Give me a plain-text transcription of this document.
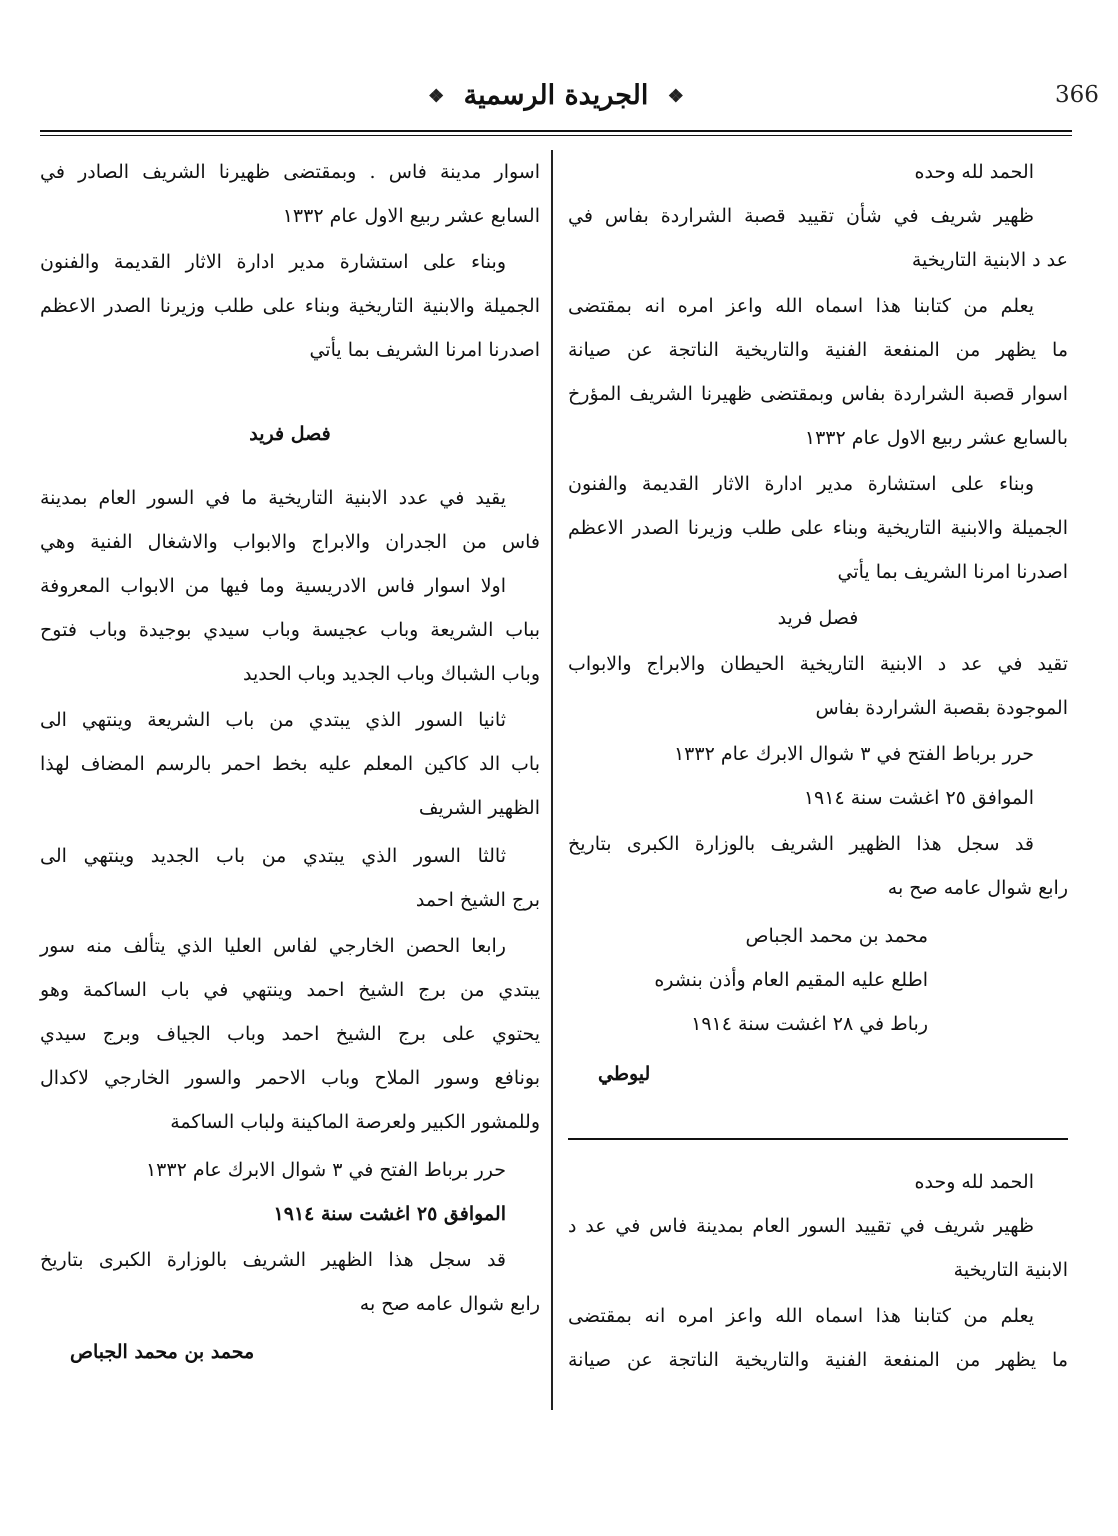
❖ الجريدة الرسمية ❖	366
الحمد لله وحده
ظهير شريف في شأن تقييد قصبة الشراردة بفاس في
عد د الابنية التاريخية
يعلم من كتابنا هذا اسماه الله واعز امره انه بمقتضى
ما يظهر من المنفعة الفنية والتاريخية الناتجة عن صيانة
اسوار قصبة الشراردة بفاس وبمقتضى ظهيرنا الشريف المؤرخ
بالسابع عشر ربيع الاول عام ١٣٣٢
وبناء على استشارة مدير ادارة الاثار القديمة والفنون
الجميلة والابنية التاريخية وبناء على طلب وزيرنا الصدر الاعظم
اصدرنا امرنا الشريف بما يأتي
فصل فريد
تقيد في عد د الابنية التاريخية الحيطان والابراج والابواب
الموجودة بقصبة الشراردة بفاس
حرر برباط الفتح في ٣ شوال الابرك عام ١٣٣٢
الموافق ٢٥ اغشت سنة ١٩١٤
قد سجل هذا الظهير الشريف بالوزارة الكبرى بتاريخ
رابع شوال عامه صح به
محمد بن محمد الجباص
اطلع عليه المقيم العام وأذن بنشره
رباط في ٢٨ اغشت سنة ١٩١٤
ليوطي
الحمد لله وحده
ظهير شريف في تقييد السور العام بمدينة فاس في عد د
الابنية التاريخية
يعلم من كتابنا هذا اسماه الله واعز امره انه بمقتضى
ما يظهر من المنفعة الفنية والتاريخية الناتجة عن صيانة
اسوار مدينة فاس . وبمقتضى ظهيرنا الشريف الصادر في
السابع عشر ربيع الاول عام ١٣٣٢
وبناء على استشارة مدير ادارة الاثار القديمة والفنون
الجميلة والابنية التاريخية وبناء على طلب وزيرنا الصدر الاعظم
اصدرنا امرنا الشريف بما يأتي
فصل فريد
يقيد في عدد الابنية التاريخية ما في السور العام بمدينة
فاس من الجدران والابراج والابواب والاشغال الفنية وهي
اولا اسوار فاس الادريسية وما فيها من الابواب المعروفة
بباب الشريعة وباب عجيسة وباب سيدي بوجيدة وباب فتوح
وباب الشباك وباب الجديد وباب الحديد
ثانيا السور الذي يبتدي من باب الشريعة وينتهي الى
باب الد كاكين المعلم عليه بخط احمر بالرسم المضاف لهذا
الظهير الشريف
ثالثا السور الذي يبتدي من باب الجديد وينتهي الى
برج الشيخ احمد
رابعا الحصن الخارجي لفاس العليا الذي يتألف منه سور
يبتدي من برج الشيخ احمد وينتهي في باب الساكمة وهو
يحتوي على برج الشيخ احمد وباب الجياف وبرج سيدي
بونافع وسور الملاح وباب الاحمر والسور الخارجي لاكدال
وللمشور الكبير ولعرصة الماكينة ولباب الساكمة
حرر برباط الفتح في ٣ شوال الابرك عام ١٣٣٢
الموافق ٢٥ اغشت سنة ١٩١٤
قد سجل هذا الظهير الشريف بالوزارة الكبرى بتاريخ
رابع شوال عامه صح به
محمد بن محمد الجباص
